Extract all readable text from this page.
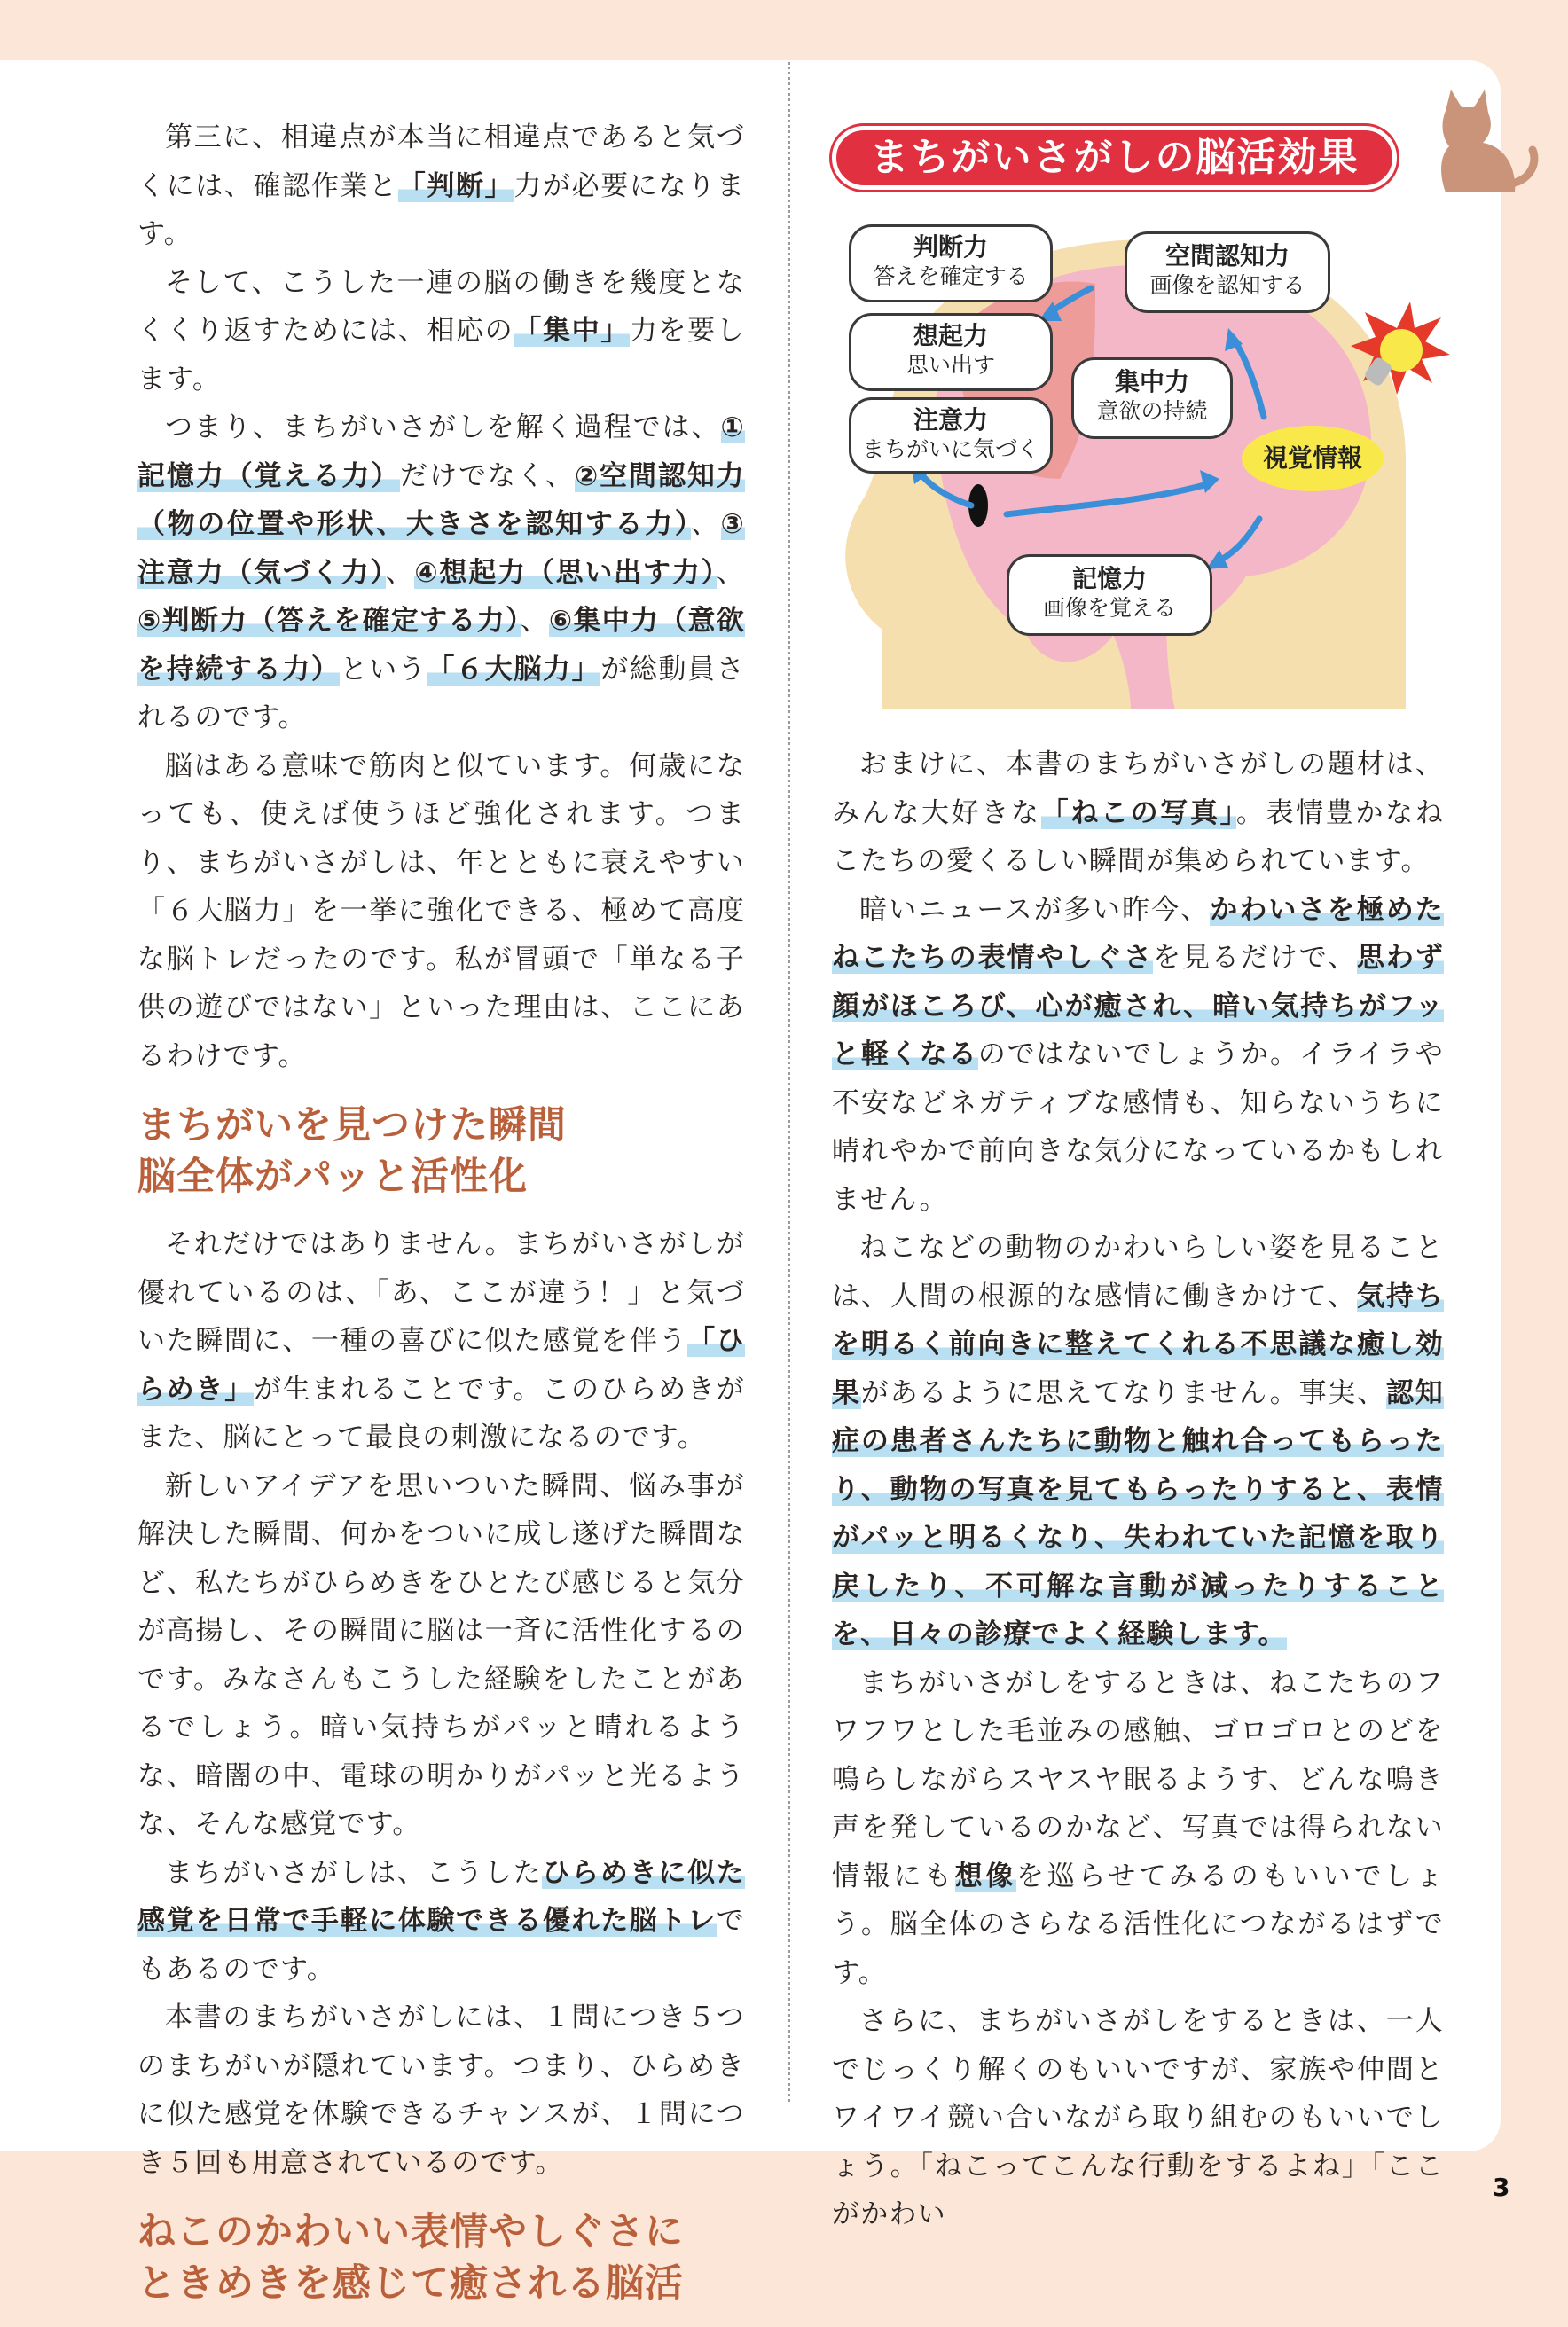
第三に、相違点が本当に相違点であると気づくには、確認作業と「判断」力が必要になります。

そして、こうした一連の脳の働きを幾度となくくり返すためには、相応の「集中」力を要します。

つまり、まちがいさがしを解く過程では、①記憶力（覚える力）だけでなく、②空間認知力（物の位置や形状、大きさを認知する力）、③注意力（気づく力）、④想起力（思い出す力）、⑤判断力（答えを確定する力）、⑥集中力（意欲を持続する力）という「６大脳力」が総動員されるのです。

脳はある意味で筋肉と似ています。何歳になっても、使えば使うほど強化されます。つまり、まちがいさがしは、年とともに衰えやすい「６大脳力」を一挙に強化できる、極めて高度な脳トレだったのです。私が冒頭で「単なる子供の遊びではない」といった理由は、ここにあるわけです。

まちがいを見つけた瞬間
脳全体がパッと活性化

それだけではありません。まちがいさがしが優れているのは、「あ、ここが違う！」と気づいた瞬間に、一種の喜びに似た感覚を伴う「ひらめき」が生まれることです。このひらめきがまた、脳にとって最良の刺激になるのです。

新しいアイデアを思いついた瞬間、悩み事が解決した瞬間、何かをついに成し遂げた瞬間など、私たちがひらめきをひとたび感じると気分が高揚し、その瞬間に脳は一斉に活性化するのです。みなさんもこうした経験をしたことがあるでしょう。暗い気持ちがパッと晴れるような、暗闇の中、電球の明かりがパッと光るような、そんな感覚です。

まちがいさがしは、こうしたひらめきに似た感覚を日常で手軽に体験できる優れた脳トレでもあるのです。

本書のまちがいさがしには、１問につき５つのまちがいが隠れています。つまり、ひらめきに似た感覚を体験できるチャンスが、１問につき５回も用意されているのです。

ねこのかわいい表情やしぐさに
ときめきを感じて癒される脳活
まちがいさがしの脳活効果
判断力
答えを確定する
空間認知力
画像を認知する
想起力
思い出す
集中力
意欲の持続
注意力
まちがいに気づく	視覚情報
記憶力
画像を覚える

おまけに、本書のまちがいさがしの題材は、みんな大好きな「ねこの写真」。表情豊かなねこたちの愛くるしい瞬間が集められています。

暗いニュースが多い昨今、かわいさを極めたねこたちの表情やしぐさを見るだけで、思わず顔がほころび、心が癒され、暗い気持ちがフッと軽くなるのではないでしょうか。イライラや不安などネガティブな感情も、知らないうちに晴れやかで前向きな気分になっているかもしれません。

ねこなどの動物のかわいらしい姿を見ることは、人間の根源的な感情に働きかけて、気持ちを明るく前向きに整えてくれる不思議な癒し効果があるように思えてなりません。事実、認知症の患者さんたちに動物と触れ合ってもらったり、動物の写真を見てもらったりすると、表情がパッと明るくなり、失われていた記憶を取り戻したり、不可解な言動が減ったりすることを、日々の診療でよく経験します。

まちがいさがしをするときは、ねこたちのフワフワとした毛並みの感触、ゴロゴロとのどを鳴らしながらスヤスヤ眠るようす、どんな鳴き声を発しているのかなど、写真では得られない情報にも想像を巡らせてみるのもいいでしょう。脳全体のさらなる活性化につながるはずです。

さらに、まちがいさがしをするときは、一人でじっくり解くのもいいですが、家族や仲間とワイワイ競い合いながら取り組むのもいいでしょう。「ねこってこんな行動をするよね」「ここがかわい

3
